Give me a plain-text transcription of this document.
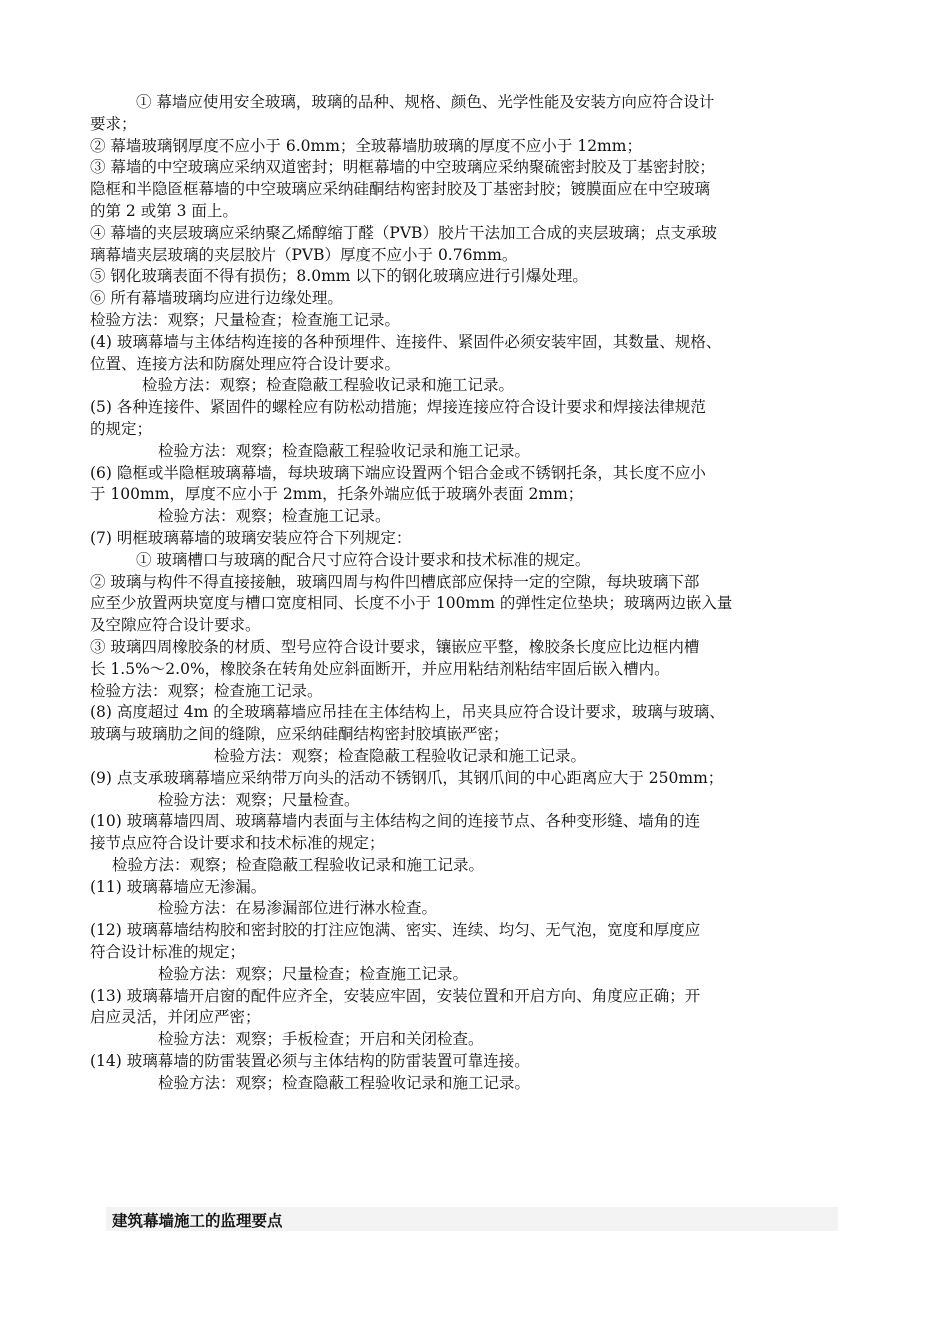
① 幕墙应使用安全玻璃，玻璃的品种、规格、颜色、光学性能及安装方向应符合设计
要求；
② 幕墙玻璃钢厚度不应小于 6.0mm；全玻幕墙肋玻璃的厚度不应小于 12mm；
③ 幕墙的中空玻璃应采纳双道密封；明框幕墙的中空玻璃应采纳聚硫密封胶及丁基密封胶；
隐框和半隐匼框幕墙的中空玻璃应采纳硅酮结构密封胶及丁基密封胶；镀膜面应在中空玻璃
的第 2 或第 3 面上。
④ 幕墙的夹层玻璃应采纳聚乙烯醇缩丁醛（PVB）胶片干法加工合成的夹层玻璃；点支承玻
璃幕墙夹层玻璃的夹层胶片（PVB）厚度不应小于 0.76mm。
⑤ 钢化玻璃表面不得有损伤；8.0mm 以下的钢化玻璃应进行引爆处理。
⑥ 所有幕墙玻璃均应进行边缘处理。
检验方法：观察；尺量检查；检查施工记录。
(4) 玻璃幕墙与主体结构连接的各种预埋件、连接件、紧固件必须安装牢固，其数量、规格、
位置、连接方法和防腐处理应符合设计要求。
检验方法：观察；检查隐蔽工程验收记录和施工记录。
(5) 各种连接件、紧固件的螺栓应有防松动措施；焊接连接应符合设计要求和焊接法律规范
的规定；
检验方法：观察；检查隐蔽工程验收记录和施工记录。
(6) 隐框或半隐框玻璃幕墙，每块玻璃下端应设置两个铝合金或不锈钢托条，其长度不应小
于 100mm，厚度不应小于 2mm，托条外端应低于玻璃外表面 2mm；
检验方法：观察；检查施工记录。
(7) 明框玻璃幕墙的玻璃安装应符合下列规定：
① 玻璃槽口与玻璃的配合尺寸应符合设计要求和技术标准的规定。
② 玻璃与构件不得直接接触，玻璃四周与构件凹槽底部应保持一定的空隙，每块玻璃下部
应至少放置两块宽度与槽口宽度相同、长度不小于 100mm 的弹性定位垫块；玻璃两边嵌入量
及空隙应符合设计要求。
③ 玻璃四周橡胶条的材质、型号应符合设计要求，镶嵌应平整，橡胶条长度应比边框内槽
长 1.5%～2.0%，橡胶条在转角处应斜面断开，并应用粘结剂粘结牢固后嵌入槽内。
检验方法：观察；检查施工记录。
(8) 高度超过 4m 的全玻璃幕墙应吊挂在主体结构上，吊夹具应符合设计要求，玻璃与玻璃、
玻璃与玻璃肋之间的缝隙，应采纳硅酮结构密封胶填嵌严密；
检验方法：观察；检查隐蔽工程验收记录和施工记录。
(9) 点支承玻璃幕墙应采纳带万向头的活动不锈钢爪，其钢爪间的中心距离应大于 250mm；
检验方法：观察；尺量检查。
(10) 玻璃幕墙四周、玻璃幕墙内表面与主体结构之间的连接节点、各种变形缝、墙角的连
接节点应符合设计要求和技术标准的规定；
检验方法：观察；检查隐蔽工程验收记录和施工记录。
(11) 玻璃幕墙应无渗漏。
检验方法：在易渗漏部位进行淋水检查。
(12) 玻璃幕墙结构胶和密封胶的打注应饱满、密实、连续、均匀、无气泡，宽度和厚度应
符合设计标准的规定；
检验方法：观察；尺量检查；检查施工记录。
(13) 玻璃幕墙开启窗的配件应齐全，安装应牢固，安装位置和开启方向、角度应正确；开
启应灵活，并闭应严密；
检验方法：观察；手板检查；开启和关闭检查。
(14) 玻璃幕墙的防雷装置必须与主体结构的防雷装置可靠连接。
检验方法：观察；检查隐蔽工程验收记录和施工记录。
建筑幕墙施工的监理要点
